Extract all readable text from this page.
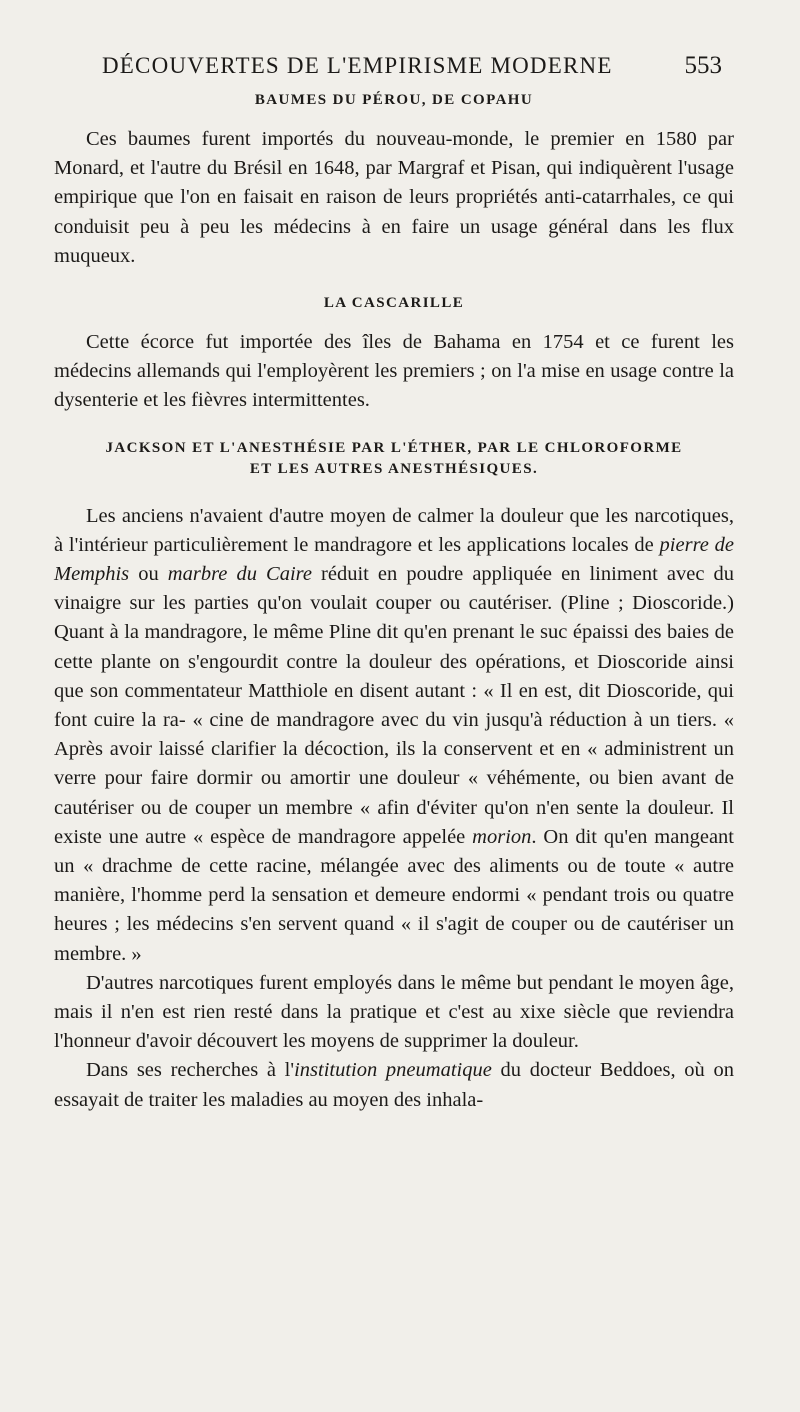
DÉCOUVERTES DE L'EMPIRISME MODERNE	553
BAUMES DU PÉROU, DE COPAHU

Ces baumes furent importés du nouveau-monde, le premier en 1580 par Monard, et l'autre du Brésil en 1648, par Margraf et Pisan, qui indiquèrent l'usage empirique que l'on en faisait en raison de leurs propriétés anti-catarrhales, ce qui conduisit peu à peu les médecins à en faire un usage général dans les flux muqueux.

LA CASCARILLE

Cette écorce fut importée des îles de Bahama en 1754 et ce furent les médecins allemands qui l'employèrent les premiers ; on l'a mise en usage contre la dysenterie et les fièvres intermittentes.

JACKSON ET L'ANESTHÉSIE PAR L'ÉTHER, PAR LE CHLOROFORME
ET LES AUTRES ANESTHÉSIQUES.

Les anciens n'avaient d'autre moyen de calmer la douleur que les narcotiques, à l'intérieur particulièrement le mandragore et les applications locales de pierre de Memphis ou marbre du Caire réduit en poudre appliquée en liniment avec du vinaigre sur les parties qu'on voulait couper ou cautériser. (Pline ; Dioscoride.) Quant à la mandragore, le même Pline dit qu'en prenant le suc épaissi des baies de cette plante on s'engourdit contre la douleur des opérations, et Dioscoride ainsi que son commentateur Matthiole en disent autant : « Il en est, dit Dioscoride, qui font cuire la ra- « cine de mandragore avec du vin jusqu'à réduction à un tiers. « Après avoir laissé clarifier la décoction, ils la conservent et en « administrent un verre pour faire dormir ou amortir une douleur « véhémente, ou bien avant de cautériser ou de couper un membre « afin d'éviter qu'on n'en sente la douleur. Il existe une autre « espèce de mandragore appelée morion. On dit qu'en mangeant un « drachme de cette racine, mélangée avec des aliments ou de toute « autre manière, l'homme perd la sensation et demeure endormi « pendant trois ou quatre heures ; les médecins s'en servent quand « il s'agit de couper ou de cautériser un membre. »

D'autres narcotiques furent employés dans le même but pendant le moyen âge, mais il n'en est rien resté dans la pratique et c'est au xixe siècle que reviendra l'honneur d'avoir découvert les moyens de supprimer la douleur.

Dans ses recherches à l'institution pneumatique du docteur Beddoes, où on essayait de traiter les maladies au moyen des inhala-
